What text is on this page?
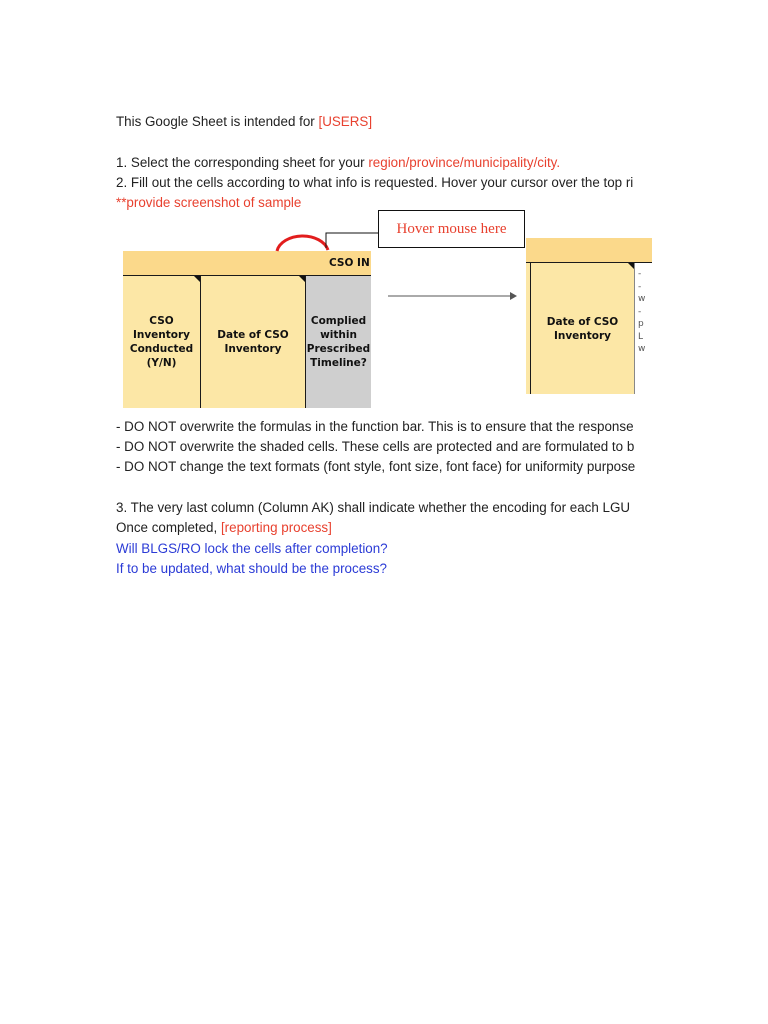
This Google Sheet is intended for [USERS]
1. Select the corresponding sheet for your region/province/municipality/city.
2. Fill out the cells according to what info is requested. Hover your cursor over the top ri
**provide screenshot of sample
CSO IN
CSO
Inventory
Conducted
(Y/N)
Date of CSO
Inventory
Complied
within
Prescribed
Timeline?
Hover mouse here
Date of CSO
Inventory
-
-
w
-
p
L
w
- DO NOT overwrite the formulas in the function bar. This is to ensure that the response
- DO NOT overwrite the shaded cells. These cells are protected and are formulated to b
- DO NOT change the text formats (font style, font size, font face) for uniformity purpose
3. The very last column (Column AK) shall indicate whether the encoding for each LGU
Once completed, [reporting process]
Will BLGS/RO lock the cells after completion?
If to be updated, what should be the process?
